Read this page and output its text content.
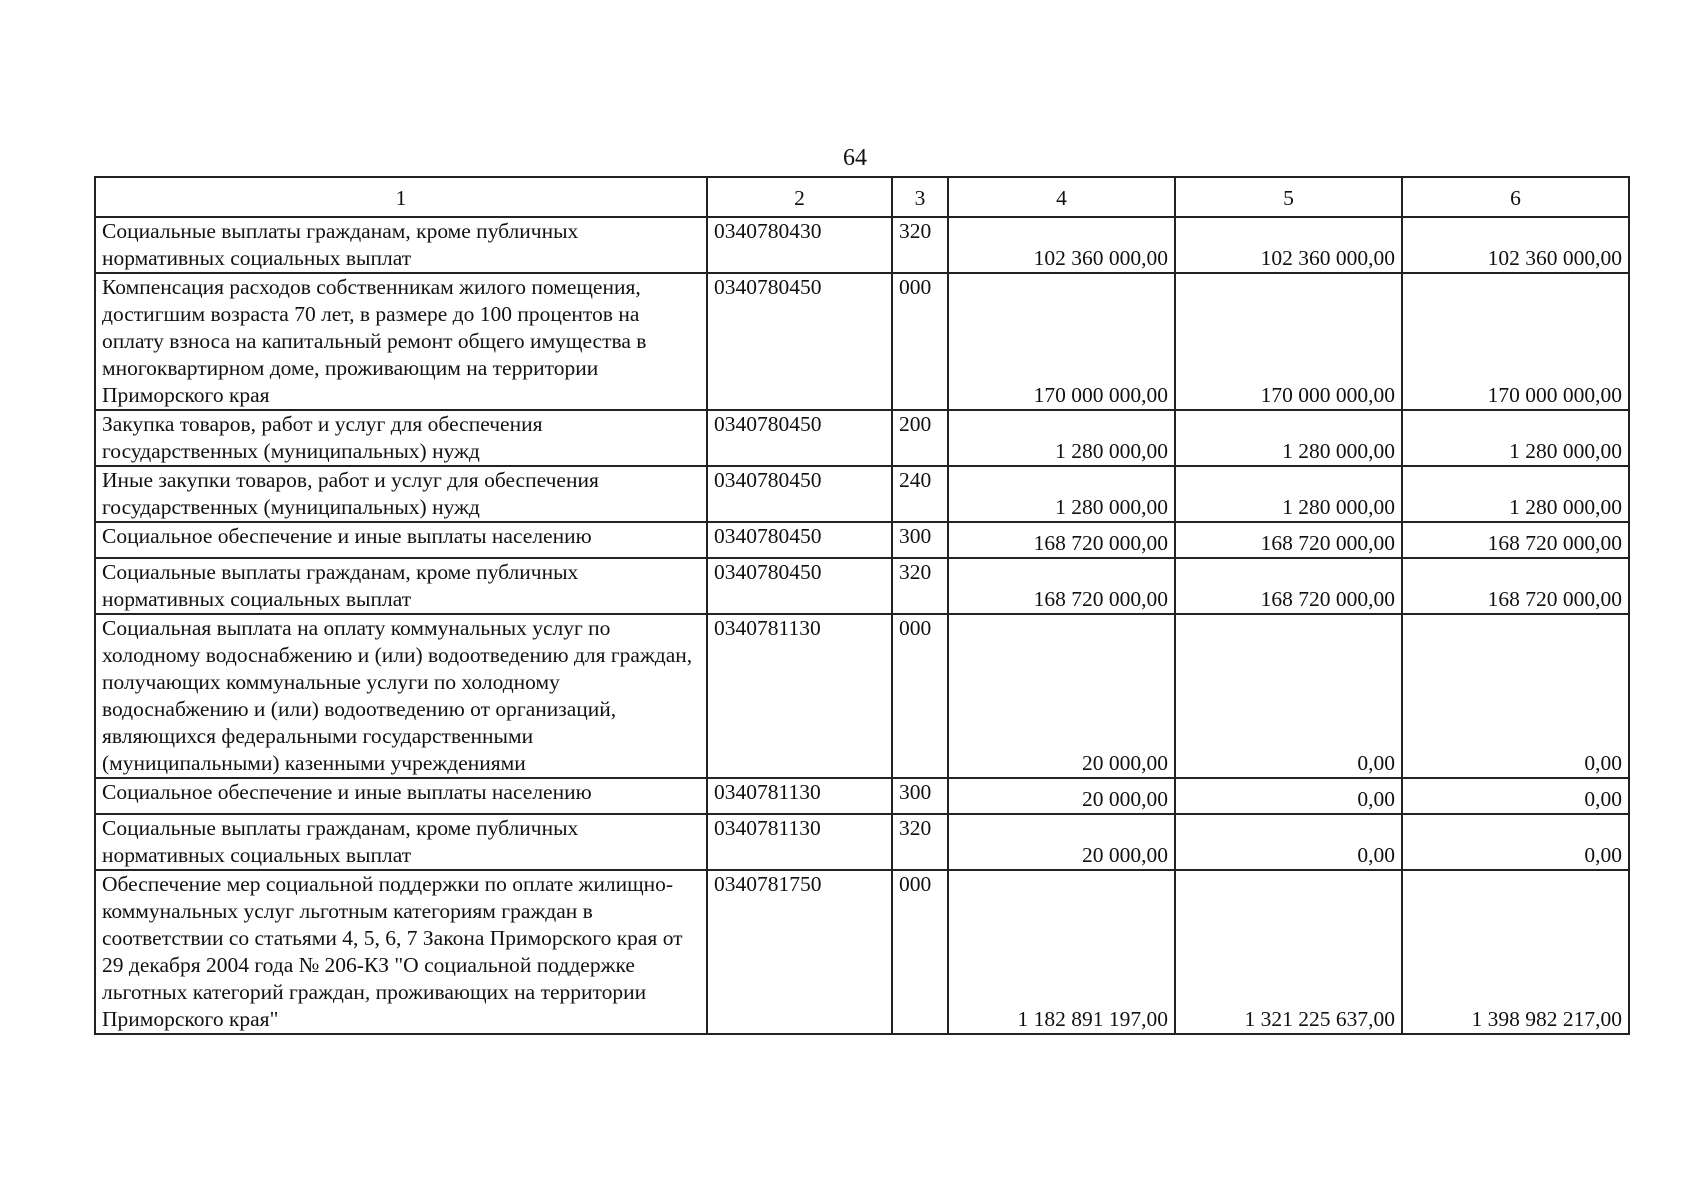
64
1	2	3	4	5	6
Социальные выплаты гражданам, кроме публичных нормативных социальных выплат	0340780430	320	102 360 000,00	102 360 000,00	102 360 000,00
Компенсация расходов собственникам жилого помещения, достигшим возраста 70 лет, в размере до 100 процентов на оплату взноса на капитальный ремонт общего имущества в многоквартирном доме, проживающим на территории Приморского края	0340780450	000	170 000 000,00	170 000 000,00	170 000 000,00
Закупка товаров, работ и услуг для обеспечения государственных (муниципальных) нужд	0340780450	200	1 280 000,00	1 280 000,00	1 280 000,00
Иные закупки товаров, работ и услуг для обеспечения государственных (муниципальных) нужд	0340780450	240	1 280 000,00	1 280 000,00	1 280 000,00
Социальное обеспечение и иные выплаты населению	0340780450	300	168 720 000,00	168 720 000,00	168 720 000,00
Социальные выплаты гражданам, кроме публичных нормативных социальных выплат	0340780450	320	168 720 000,00	168 720 000,00	168 720 000,00
Социальная выплата на оплату коммунальных услуг по холодному водоснабжению и (или) водоотведению для граждан, получающих коммунальные услуги по холодному водоснабжению и (или) водоотведению от организаций, являющихся федеральными государственными (муниципальными) казенными учреждениями	0340781130	000	20 000,00	0,00	0,00
Социальное обеспечение и иные выплаты населению	0340781130	300	20 000,00	0,00	0,00
Социальные выплаты гражданам, кроме публичных нормативных социальных выплат	0340781130	320	20 000,00	0,00	0,00
Обеспечение мер социальной поддержки по оплате жилищно-коммунальных услуг льготным категориям граждан в соответствии со статьями 4, 5, 6, 7 Закона Приморского края от 29 декабря 2004 года № 206-КЗ "О социальной поддержке льготных категорий граждан, проживающих на территории Приморского края"	0340781750	000	1 182 891 197,00	1 321 225 637,00	1 398 982 217,00
